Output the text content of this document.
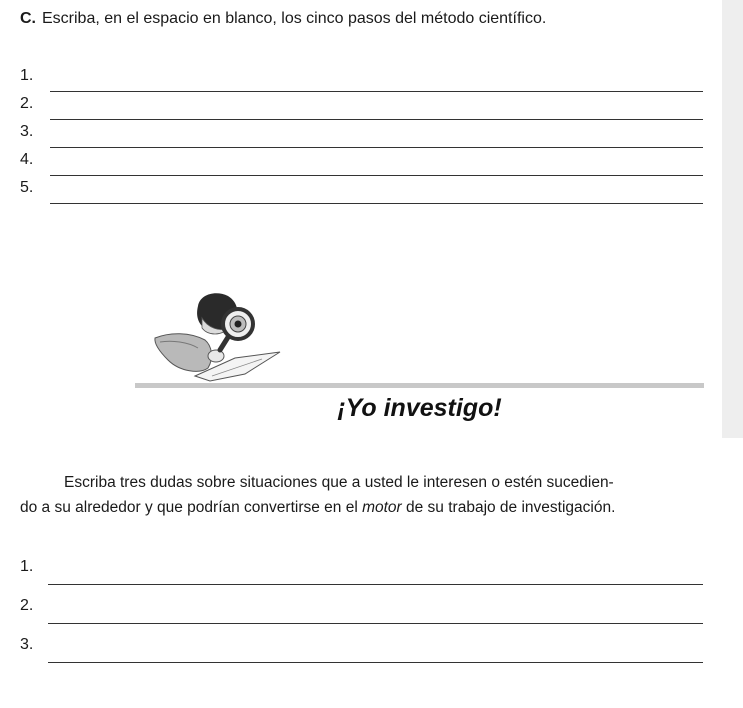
C. Escriba, en el espacio en blanco, los cinco pasos del método científico.
1.
2.
3.
4.
5.
¡Yo investigo!
Escriba tres dudas sobre situaciones que a usted le interesen o estén sucedien-
do a su alrededor y que podrían convertirse en el motor de su trabajo de investigación.
1.
2.
3.
